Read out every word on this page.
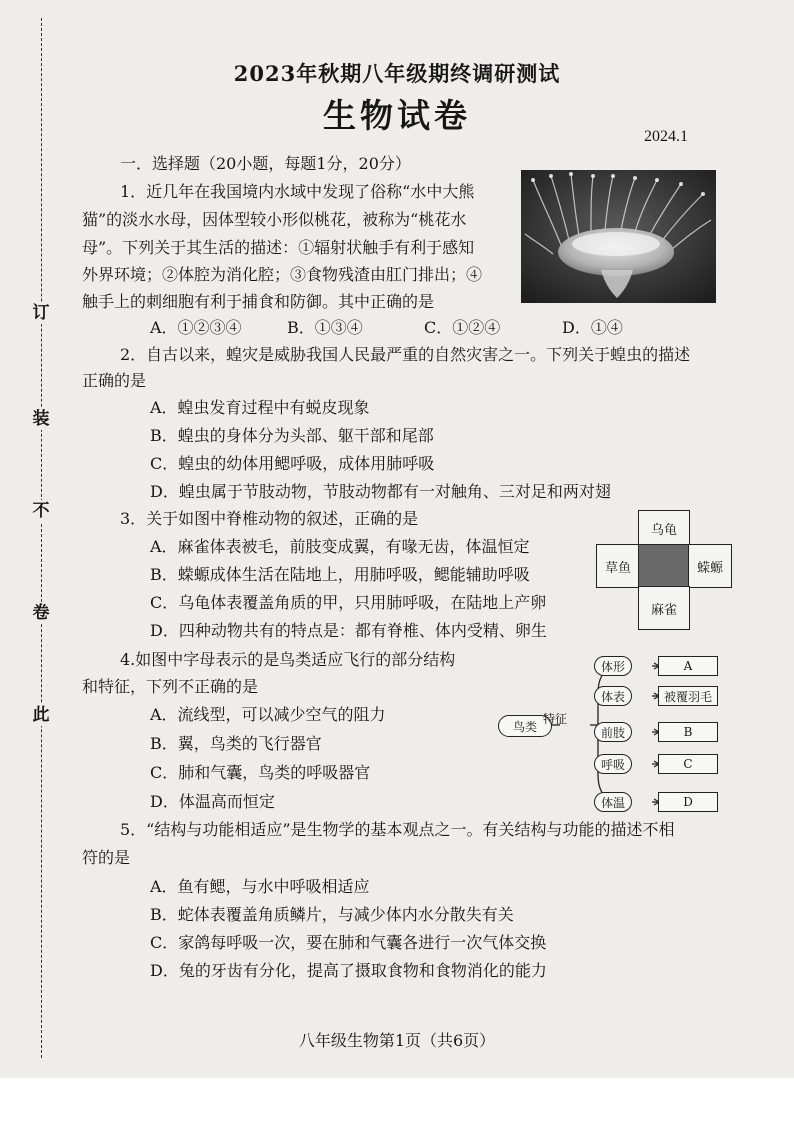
订
装
不
卷
此
2023年秋期八年级期终调研测试
生物试卷
2024.1
一．选择题（20小题，每题1分，20分）
1．近几年在我国境内水域中发现了俗称“水中大熊
猫”的淡水水母，因体型较小形似桃花，被称为“桃花水
母”。下列关于其生活的描述：①辐射状触手有利于感知
外界环境；②体腔为消化腔；③食物残渣由肛门排出；④
触手上的刺细胞有利于捕食和防御。其中正确的是
A．①②③④	B．①③④	C．①②④	D．①④
2．自古以来，蝗灾是威胁我国人民最严重的自然灾害之一。下列关于蝗虫的描述
正确的是
A．蝗虫发育过程中有蜕皮现象
B．蝗虫的身体分为头部、躯干部和尾部
C．蝗虫的幼体用鳃呼吸，成体用肺呼吸
D．蝗虫属于节肢动物，节肢动物都有一对触角、三对足和两对翅
3．关于如图中脊椎动物的叙述，正确的是
A．麻雀体表被毛，前肢变成翼，有喙无齿，体温恒定
B．蝾螈成体生活在陆地上，用肺呼吸，鳃能辅助呼吸
C．乌龟体表覆盖角质的甲，只用肺呼吸，在陆地上产卵
D．四种动物共有的特点是：都有脊椎、体内受精、卵生
乌龟
草鱼	蝾螈
麻雀
4.如图中字母表示的是鸟类适应飞行的部分结构
和特征，下列不正确的是
A．流线型，可以减少空气的阻力
B．翼，鸟类的飞行器官
C．肺和气囊，鸟类的呼吸器官
D．体温高而恒定
鸟类
特征
体形
体表
前肢
呼吸
体温
A
被覆羽毛
B
C
D
5．“结构与功能相适应”是生物学的基本观点之一。有关结构与功能的描述不相
符的是
A．鱼有鳃，与水中呼吸相适应
B．蛇体表覆盖角质鳞片，与减少体内水分散失有关
C．家鸽每呼吸一次，要在肺和气囊各进行一次气体交换
D．兔的牙齿有分化，提高了摄取食物和食物消化的能力
八年级生物第1页（共6页）
